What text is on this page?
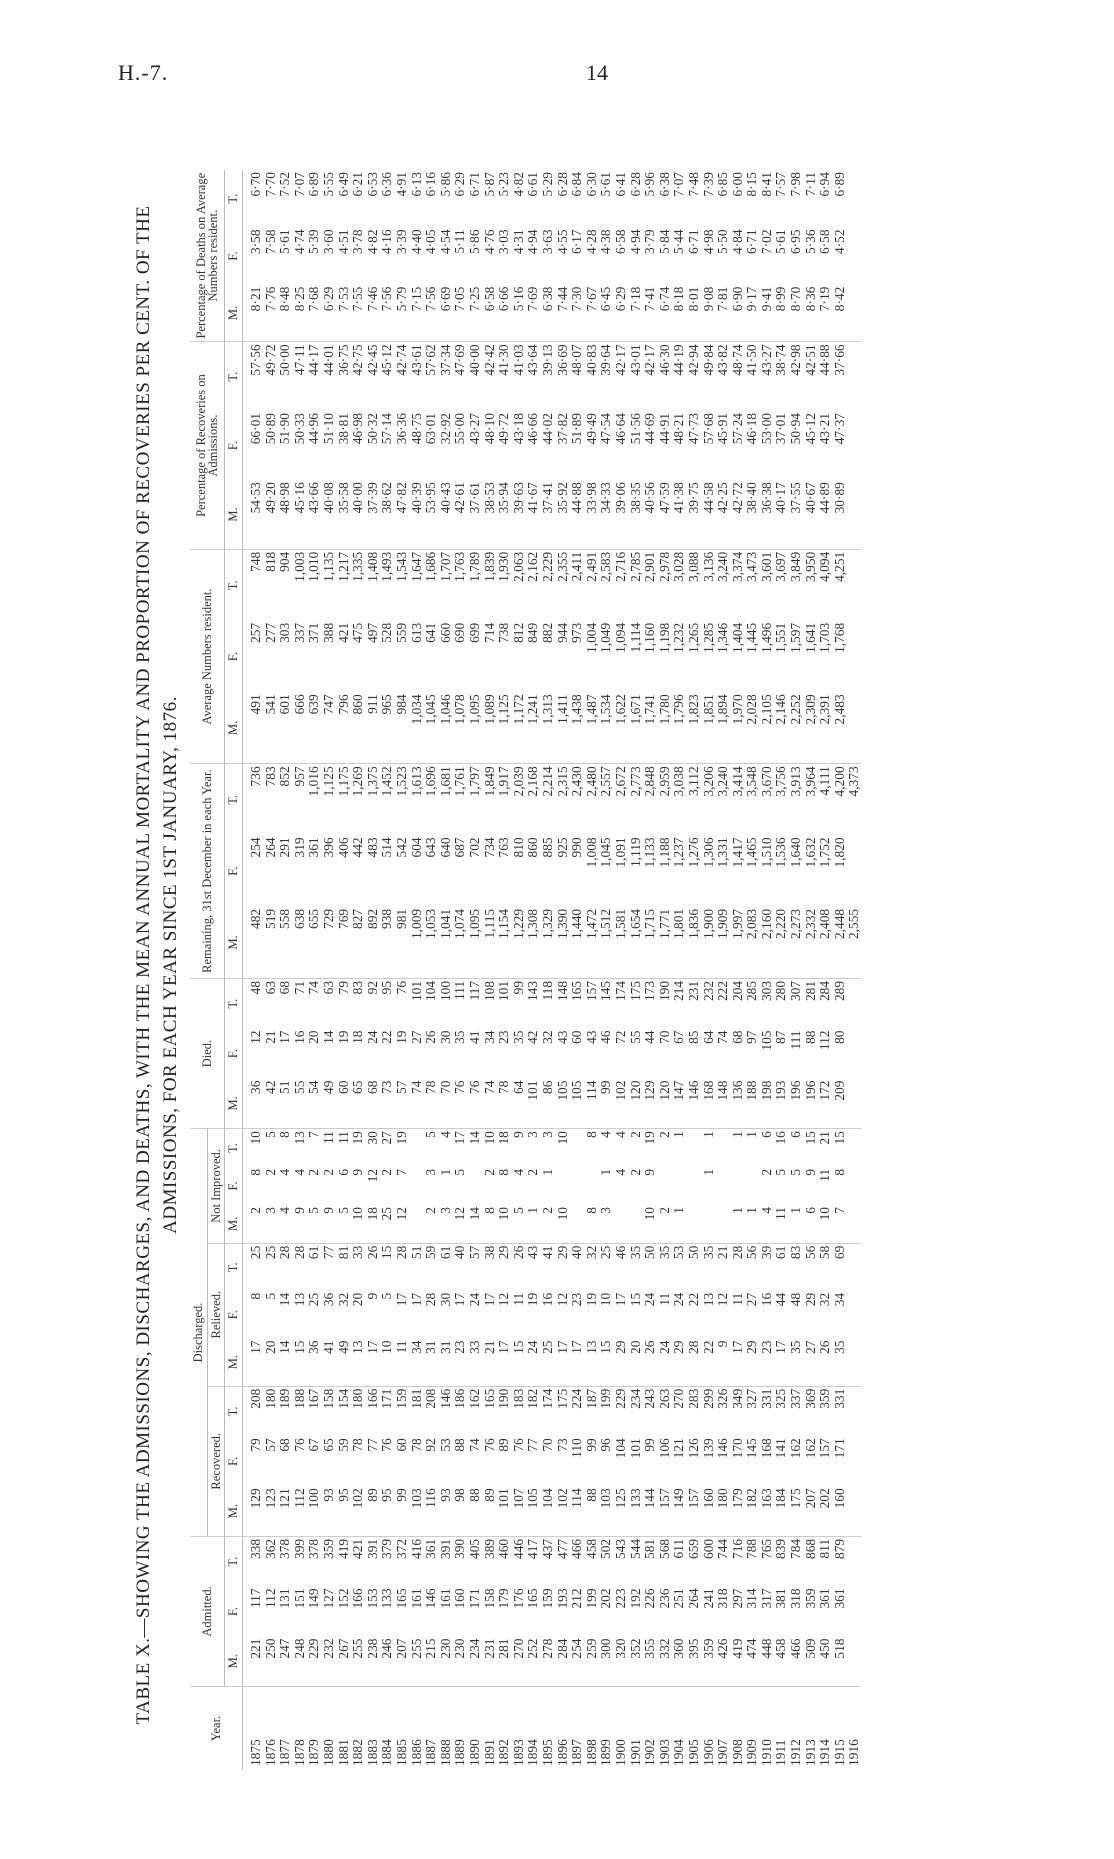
H.-7.	14
TABLE X.—SHOWING THE ADMISSIONS, DISCHARGES, AND DEATHS, WITH THE MEAN ANNUAL MORTALITY AND PROPORTION OF RECOVERIES PER CENT. OF THE ADMISSIONS, FOR EACH YEAR SINCE 1ST JANUARY, 1876.
Year.	Admitted.			Discharged.									Died.			Remaining, 31st December in each Year.			Average Numbers resident.			Percentage of Recoveries on Admissions.			Percentage of Deaths on Average Numbers resident.		
				Recovered.			Relieved.			Not Improved.																	
	M.	F.	T.	M.	F.	T.	M.	F.	T.	M.	F.	T.	M.	F.	T.	M.	F.	T.	M.	F.	T.	M.	F.	T.	M.	F.	T.
1875	221	117	338	129	79	208	17	8	25	2	8	10	36	12	48	482	254	736	491	257	748	54·53	66·01	57·56	8·21	3·58	6·70
1876	250	112	362	123	57	180	20	5	25	3	2	5	42	21	63	519	264	783	541	277	818	49·20	50·89	49·72	7·76	7·58	7·70
1877	247	131	378	121	68	189	14	14	28	4	4	8	51	17	68	558	291	852	601	303	904	48·98	51·90	50·00	8·48	5·61	7·52
1878	248	151	399	112	76	188	15	13	28	9	4	13	55	16	71	638	319	957	666	337	1,003	45·16	50·33	47·11	8·25	4·74	7·07
1879	229	149	378	100	67	167	36	25	61	5	2	7	54	20	74	655	361	1,016	639	371	1,010	43·66	44·96	44·17	7·68	5·39	6·89
1880	232	127	359	93	65	158	41	36	77	9	2	11	49	14	63	729	396	1,125	747	388	1,135	40·08	51·10	44·01	6·29	3·60	5·55
1881	267	152	419	95	59	154	49	32	81	5	6	11	60	19	79	769	406	1,175	796	421	1,217	35·58	38·81	36·75	7·53	4·51	6·49
1882	255	166	421	102	78	180	13	20	33	10	9	19	65	18	83	827	442	1,269	860	475	1,335	40·00	46·98	42·75	7·55	3·78	6·21
1883	238	153	391	89	77	166	17	9	26	18	12	30	68	24	92	892	483	1,375	911	497	1,408	37·39	50·32	42·45	7·46	4·82	6·53
1884	246	133	379	95	76	171	10	5	15	25	2	27	73	22	95	938	514	1,452	965	528	1,493	38·62	57·14	45·12	7·56	4·16	6·36
1885	207	165	372	99	60	159	11	17	28	12	7	19	57	19	76	981	542	1,523	984	559	1,543	47·82	36·36	42·74	5·79	3·39	4·91
1886	255	161	416	103	78	181	34	17	51				74	27	101	1,009	604	1,613	1,034	613	1,647	40·39	48·75	43·61	7·15	4·40	6·13
1887	215	146	361	116	92	208	31	28	59	2	3	5	78	26	104	1,053	643	1,696	1,045	641	1,686	53·95	63·01	57·62	7·56	4·05	6·16
1888	230	161	391	93	53	146	31	30	61	3	1	4	70	30	100	1,041	640	1,681	1,046	660	1,707	40·43	32·92	37·34	6·69	4·54	5·86
1889	230	160	390	98	88	186	23	17	40	12	5	17	76	35	111	1,074	687	1,761	1,078	690	1,763	42·61	55·00	47·69	7·05	5·11	6·29
1890	234	171	405	88	74	162	33	24	57	14		14	76	41	117	1,095	702	1,797	1,095	699	1,789	37·61	43·27	40·00	7·25	5·86	6·71
1891	231	158	389	89	76	165	21	17	38	8	2	10	74	34	108	1,115	734	1,849	1,089	714	1,839	38·53	48·10	42·42	6·58	4·76	5·87
1892	281	179	460	101	89	190	17	12	29	10	8	18	78	23	101	1,154	763	1,917	1,125	738	1,930	35·94	49·72	41·30	6·66	3·03	5·23
1893	270	176	446	107	76	183	15	11	26	5	4	9	64	35	99	1,229	810	2,039	1,172	812	2,063	39·63	43·18	41·03	5·16	4·31	4·82
1894	252	165	417	105	77	182	24	19	43	1	2	3	101	42	143	1,308	860	2,168	1,241	849	2,162	41·67	46·66	43·64	7·69	4·94	6·61
1895	278	159	437	104	70	174	25	16	41	2	1	3	86	32	118	1,329	885	2,214	1,313	882	2,229	37·41	44·02	39·13	6·38	3·63	5·29
1896	284	193	477	102	73	175	17	12	29	10		10	105	43	148	1,390	925	2,315	1,411	944	2,355	35·92	37·82	36·69	7·44	4·55	6·28
1897	254	212	466	114	110	224	17	23	40				105	60	165	1,440	990	2,430	1,438	973	2,411	44·88	51·89	48·07	7·30	6·17	6·84
1898	259	199	458	88	99	187	13	19	32	8		8	114	43	157	1,472	1,008	2,480	1,487	1,004	2,491	33·98	49·49	40·83	7·67	4·28	6·30
1899	300	202	502	103	96	199	15	10	25	3	1	4	99	46	145	1,512	1,045	2,557	1,534	1,049	2,583	34·33	47·54	39·64	6·45	4·38	5·61
1900	320	223	543	125	104	229	29	17	46		4	4	102	72	174	1,581	1,091	2,672	1,622	1,094	2,716	39·06	46·64	42·17	6·29	6·58	6·41
1901	352	192	544	133	101	234	20	15	35		2	2	120	55	175	1,654	1,119	2,773	1,671	1,114	2,785	38·35	51·56	43·01	7·18	4·94	6·28
1902	355	226	581	144	99	243	26	24	50	10	9	19	129	44	173	1,715	1,133	2,848	1,741	1,160	2,901	40·56	44·69	42·17	7·41	3·79	5·96
1903	332	236	568	157	106	263	24	11	35	2		2	120	70	190	1,771	1,188	2,959	1,780	1,198	2,978	47·59	44·91	46·30	6·74	5·84	6·38
1904	360	251	611	149	121	270	29	24	53	1		1	147	67	214	1,801	1,237	3,038	1,796	1,232	3,028	41·38	48·21	44·19	8·18	5·44	7·07
1905	395	264	659	157	126	283	28	22	50				146	85	231	1,836	1,276	3,112	1,823	1,265	3,088	39·75	47·73	42·94	8·01	6·71	7·48
1906	359	241	600	160	139	299	22	13	35		1	1	168	64	232	1,900	1,306	3,206	1,851	1,285	3,136	44·58	57·68	49·84	9·08	4·98	7·39
1907	426	318	744	180	146	326	9	12	21				148	74	222	1,909	1,331	3,240	1,894	1,346	3,240	42·25	45·91	43·82	7·81	5·50	6·85
1908	419	297	716	179	170	349	17	11	28	1		1	136	68	204	1,997	1,417	3,414	1,970	1,404	3,374	42·72	57·24	48·74	6·90	4·84	6·00
1909	474	314	788	182	145	327	29	27	56	1		1	188	97	285	2,083	1,465	3,548	2,028	1,445	3,473	38·40	46·18	41·50	9·17	6·71	8·15
1910	448	317	765	163	168	331	23	16	39	4	2	6	198	105	303	2,160	1,510	3,670	2,105	1,496	3,601	36·38	53·00	43·27	9·41	7·02	8·41
1911	458	381	839	184	141	325	17	44	61	11	5	16	193	87	280	2,220	1,536	3,756	2,146	1,551	3,697	40·17	37·01	38·74	8·99	5·61	7·57
1912	466	318	784	175	162	337	35	48	83	1	5	6	196	111	307	2,273	1,640	3,913	2,252	1,597	3,849	37·55	50·94	42·98	8·70	6·95	7·98
1913	509	359	868	207	162	369	27	29	56	6	9	15	196	88	281	2,332	1,632	3,964	2,309	1,641	3,950	40·67	45·12	42·51	8·36	5·36	7·11
1914	450	361	811	202	157	359	26	32	58	10	11	21	172	112	284	2,408	1,752	4,111	2,391	1,703	4,094	44·89	43·21	44·88	7·19	6·58	6·94
1915	518	361	879	160	171	331	35	34	69	7	8	15	209	80	289	2,448	1,820	4,200	2,483	1,768	4,251	30·89	47·37	37·66	8·42	4·52	6·89
1916																2,555		4,373									
